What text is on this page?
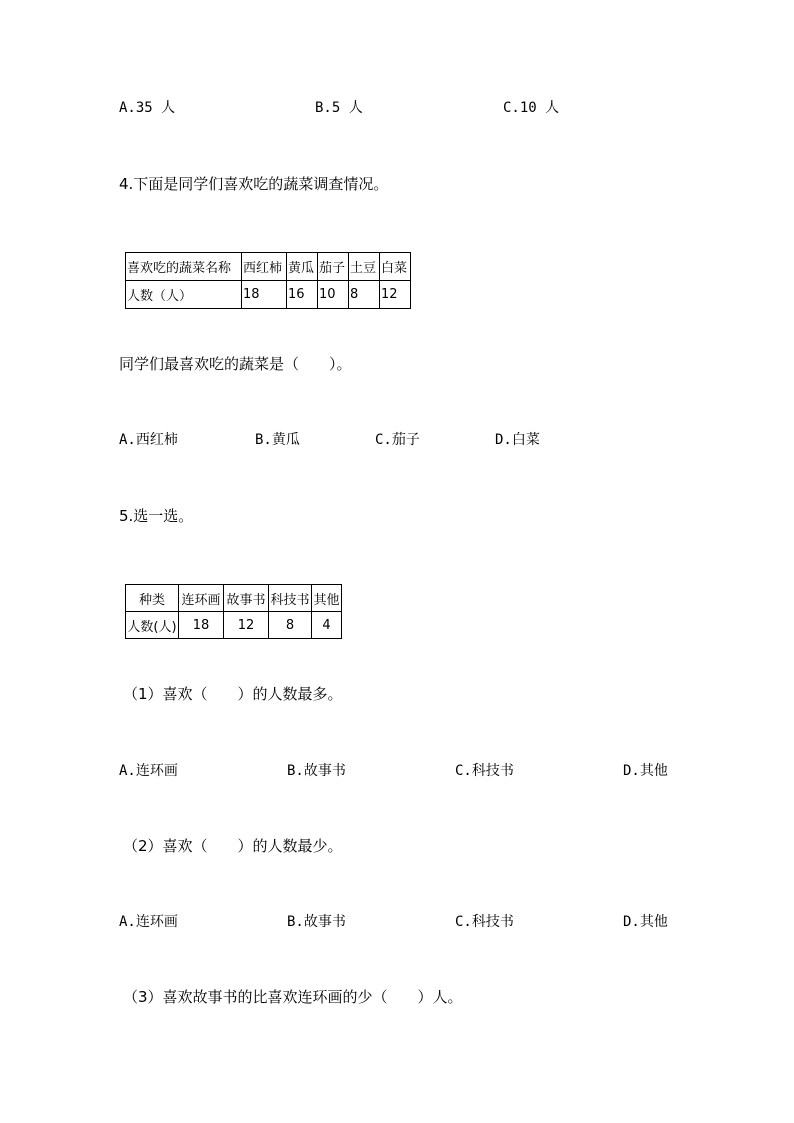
A.35 人	B.5 人	C.10 人
4.下面是同学们喜欢吃的蔬菜调查情况。
喜欢吃的蔬菜名称	西红柿	黄瓜	茄子	土豆	白菜
人数（人）	18	16	10	8	12
同学们最喜欢吃的蔬菜是（　　）。
A.西红柿	B.黄瓜	C.茄子	D.白菜
5.选一选。
种类	连环画	故事书	科技书	其他
人数(人)	18	12	8	4
（1）喜欢（　　）的人数最多。
A.连环画	B.故事书	C.科技书	D.其他
（2）喜欢（　　）的人数最少。
A.连环画	B.故事书	C.科技书	D.其他
（3）喜欢故事书的比喜欢连环画的少（　　）人。
